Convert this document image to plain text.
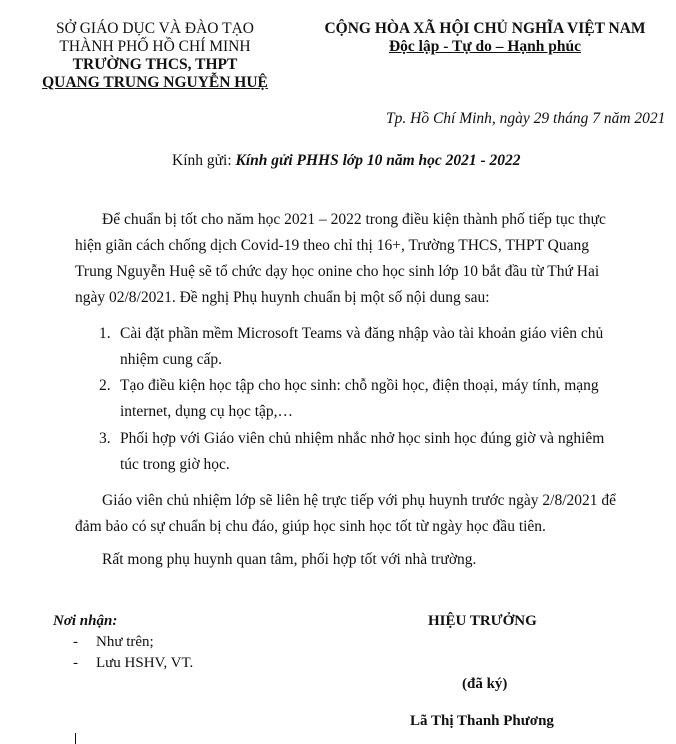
SỞ GIÁO DỤC VÀ ĐÀO TẠO
THÀNH PHỐ HỒ CHÍ MINH
TRƯỜNG THCS, THPT
QUANG TRUNG NGUYỄN HUỆ
CỘNG HÒA XÃ HỘI CHỦ NGHĨA VIỆT NAM
Độc lập - Tự do – Hạnh phúc
Tp. Hồ Chí Minh, ngày 29 tháng 7 năm 2021
Kính gửi: Kính gửi PHHS lớp 10 năm học 2021 - 2022
Để chuẩn bị tốt cho năm học 2021 – 2022 trong điều kiện thành phố tiếp tục thực
hiện giãn cách chống dịch Covid-19 theo chỉ thị 16+, Trường THCS, THPT Quang
Trung Nguyễn Huệ sẽ tổ chức dạy học onine cho học sinh lớp 10 bắt đầu từ Thứ Hai
ngày 02/8/2021. Đề nghị Phụ huynh chuẩn bị một số nội dung sau:
1. Cài đặt phần mềm Microsoft Teams và đăng nhập vào tài khoản giáo viên chủ
nhiệm cung cấp.
2. Tạo điều kiện học tập cho học sinh: chỗ ngồi học, điện thoại, máy tính, mạng
internet, dụng cụ học tập,…
3. Phối hợp với Giáo viên chủ nhiệm nhắc nhở học sinh học đúng giờ và nghiêm
túc trong giờ học.
Giáo viên chủ nhiệm lớp sẽ liên hệ trực tiếp với phụ huynh trước ngày 2/8/2021 để
đảm bảo có sự chuẩn bị chu đáo, giúp học sinh học tốt từ ngày học đầu tiên.
Rất mong phụ huynh quan tâm, phối hợp tốt với nhà trường.
Nơi nhận:
- Như trên;
- Lưu HSHV, VT.
HIỆU TRƯỞNG
(đã ký)
Lã Thị Thanh Phương
